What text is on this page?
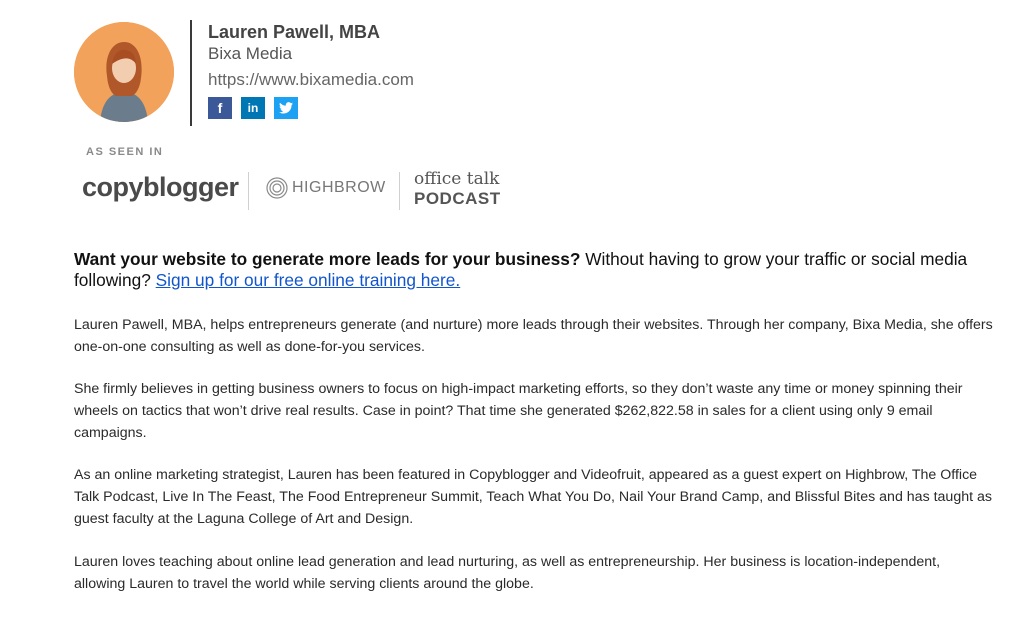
Lauren Pawell, MBA
Bixa Media
https://www.bixamedia.com
f	in
AS SEEN IN
copyblogger	HIGHBROW office talk
PODCAST
Want your website to generate more leads for your business? Without having to grow your traffic or social media following? Sign up for our free online training here.
Lauren Pawell, MBA, helps entrepreneurs generate (and nurture) more leads through their websites. Through her company, Bixa Media, she offers one-on-one consulting as well as done-for-you services.
She firmly believes in getting business owners to focus on high-impact marketing efforts, so they don’t waste any time or money spinning their wheels on tactics that won’t drive real results. Case in point? That time she generated $262,822.58 in sales for a client using only 9 email campaigns.
As an online marketing strategist, Lauren has been featured in Copyblogger and Videofruit, appeared as a guest expert on Highbrow, The Office Talk Podcast, Live In The Feast, The Food Entrepreneur Summit, Teach What You Do, Nail Your Brand Camp, and Blissful Bites and has taught as guest faculty at the Laguna College of Art and Design.
Lauren loves teaching about online lead generation and lead nurturing, as well as entrepreneurship. Her business is location-independent, allowing Lauren to travel the world while serving clients around the globe.
